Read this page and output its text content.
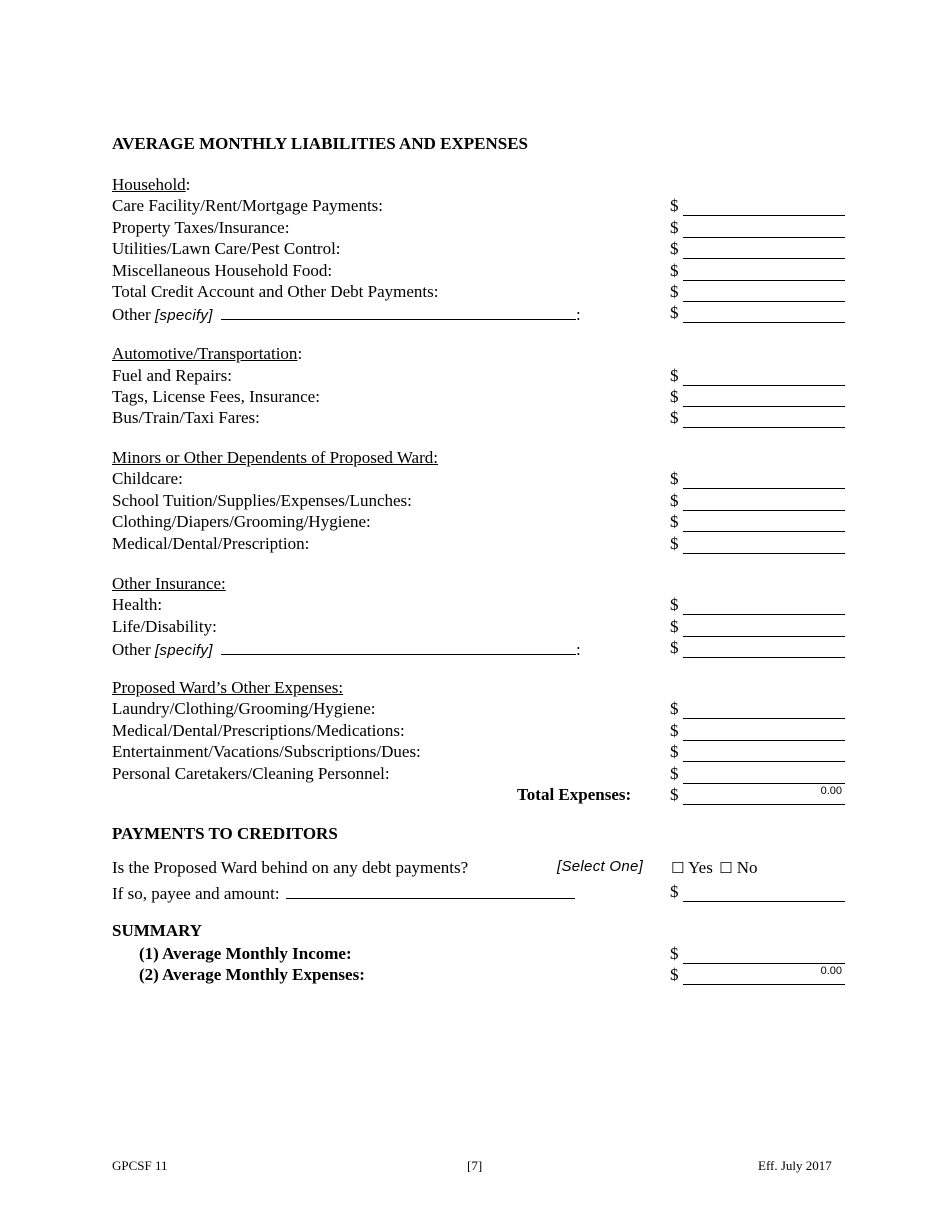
AVERAGE MONTHLY LIABILITIES AND EXPENSES
Household:
Care Facility/Rent/Mortgage Payments:	$
Property Taxes/Insurance:	$
Utilities/Lawn Care/Pest Control:	$
Miscellaneous Household Food:	$
Total Credit Account and Other Debt Payments:	$
Other [specify]	:	$
Automotive/Transportation:
Fuel and Repairs:	$
Tags, License Fees, Insurance:	$
Bus/Train/Taxi Fares:	$
Minors or Other Dependents of Proposed Ward:
Childcare:	$
School Tuition/Supplies/Expenses/Lunches:	$
Clothing/Diapers/Grooming/Hygiene:	$
Medical/Dental/Prescription:	$
Other Insurance:
Health:	$
Life/Disability:	$
Other [specify]	:	$
Proposed Ward’s Other Expenses:
Laundry/Clothing/Grooming/Hygiene:	$
Medical/Dental/Prescriptions/Medications:	$
Entertainment/Vacations/Subscriptions/Dues:	$
Personal Caretakers/Cleaning Personnel:	$
Total Expenses: $	0.00
PAYMENTS TO CREDITORS
Is the Proposed Ward behind on any debt payments?	[Select One] ☐ Yes ☐ No
If so, payee and amount:	$
SUMMARY
(1) Average Monthly Income:	$
(2) Average Monthly Expenses:	$	0.00
GPCSF 11	[7]	Eff. July 2017
